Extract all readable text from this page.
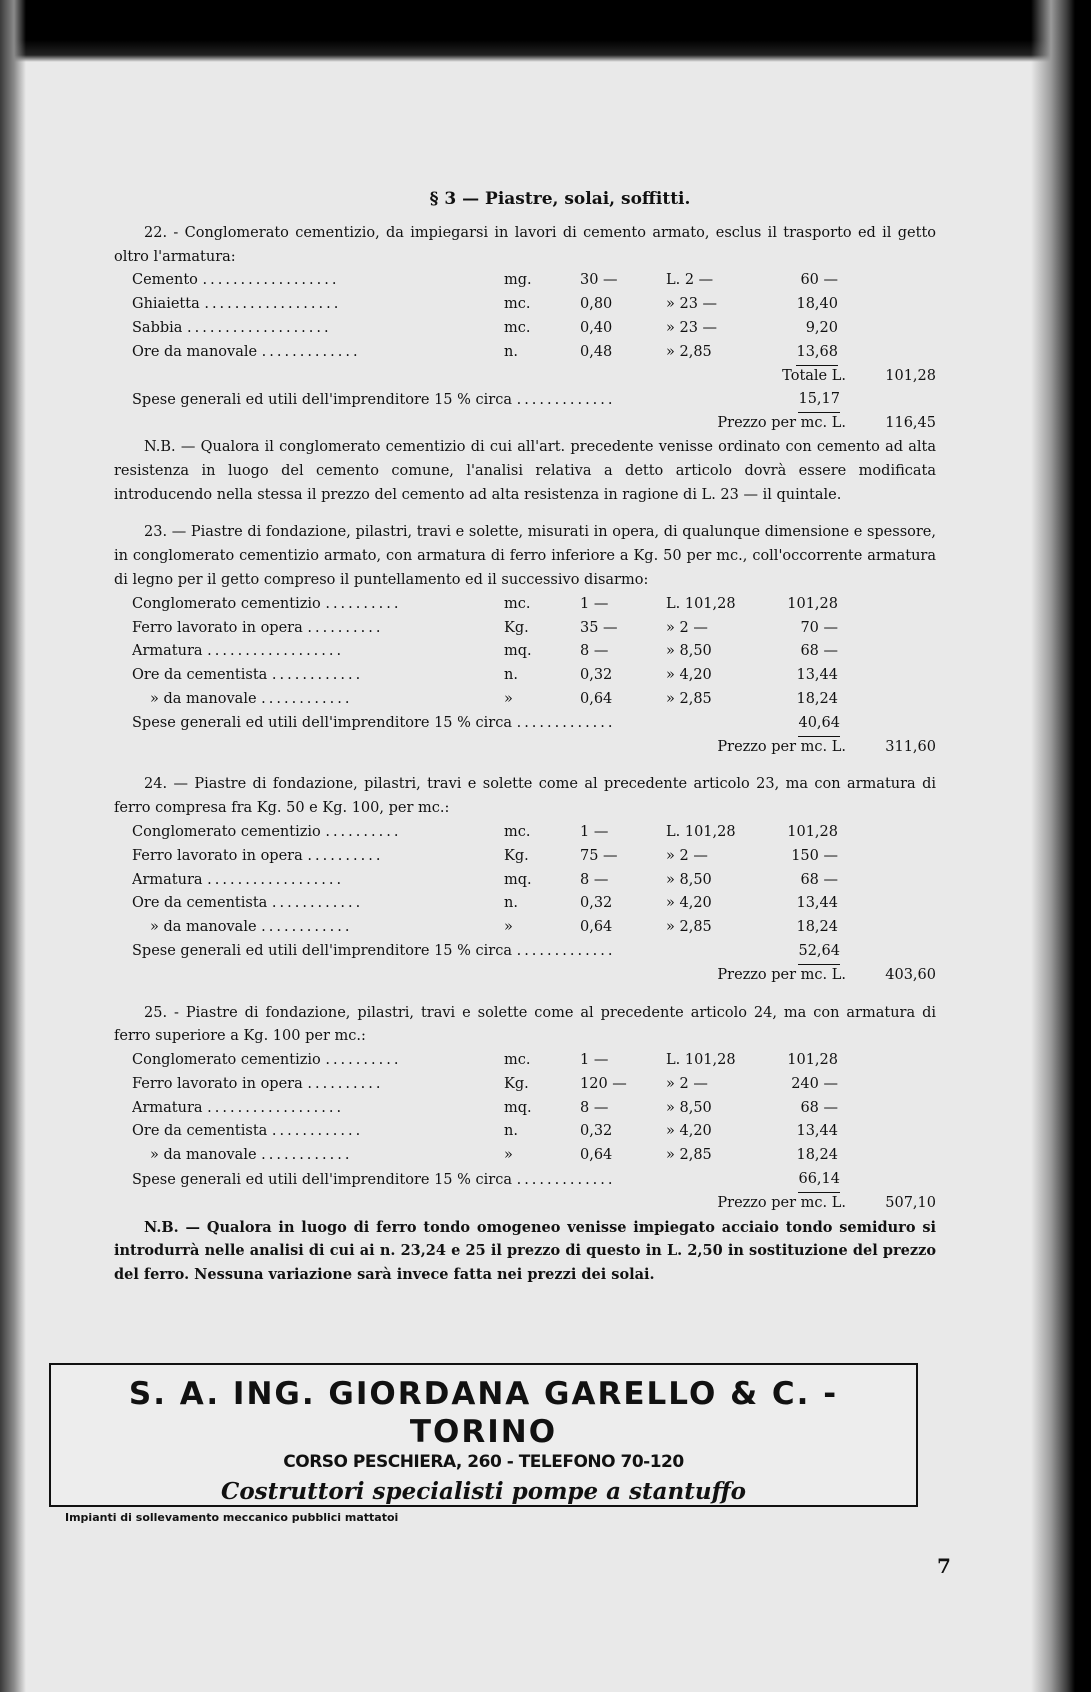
§ 3 — Piastre, solai, soffitti.

22. - Conglomerato cementizio, da impiegarsi in lavori di cemento armato, esclus il trasporto ed il getto oltro l'armatura:

Cemento ..................	mg.	30 —	L. 2 —	60 —
Ghiaietta ..................	mc.	0,80	» 23 —	18,40
Sabbia ...................	mc.	0,40	» 23 —	9,20
Ore da manovale .............	n.	0,48	» 2,85	13,68
Totale L.	101,28
Spese generali ed utili dell'imprenditore 15 % circa .............	15,17
Prezzo per mc. L.	116,45

N.B. — Qualora il conglomerato cementizio di cui all'art. precedente venisse ordinato con cemento ad alta resistenza in luogo del cemento comune, l'analisi relativa a detto articolo dovrà essere modificata introducendo nella stessa il prezzo del cemento ad alta resistenza in ragione di L. 23 — il quintale.

23. — Piastre di fondazione, pilastri, travi e solette, misurati in opera, di qualunque dimensione e spessore, in conglomerato cementizio armato, con armatura di ferro inferiore a Kg. 50 per mc., coll'occorrente armatura di legno per il getto compreso il puntellamento ed il successivo disarmo:

Conglomerato cementizio ..........	mc.	1 —	L. 101,28	101,28
Ferro lavorato in opera ..........	Kg.	35 —	» 2 —	70 —
Armatura ..................	mq.	8 —	» 8,50	68 —
Ore da cementista ............	n.	0,32	» 4,20	13,44
» da manovale ............	»	0,64	» 2,85	18,24
Spese generali ed utili dell'imprenditore 15 % circa .............	40,64
Prezzo per mc. L.	311,60

24. — Piastre di fondazione, pilastri, travi e solette come al precedente articolo 23, ma con armatura di ferro compresa fra Kg. 50 e Kg. 100, per mc.:

Conglomerato cementizio ..........	mc.	1 —	L. 101,28	101,28
Ferro lavorato in opera ..........	Kg.	75 —	» 2 —	150 —
Armatura ..................	mq.	8 —	» 8,50	68 —
Ore da cementista ............	n.	0,32	» 4,20	13,44
» da manovale ............	»	0,64	» 2,85	18,24
Spese generali ed utili dell'imprenditore 15 % circa .............	52,64
Prezzo per mc. L.	403,60

25. - Piastre di fondazione, pilastri, travi e solette come al precedente articolo 24, ma con armatura di ferro superiore a Kg. 100 per mc.:

Conglomerato cementizio ..........	mc.	1 —	L. 101,28	101,28
Ferro lavorato in opera ..........	Kg.	120 —	» 2 —	240 —
Armatura ..................	mq.	8 —	» 8,50	68 —
Ore da cementista ............	n.	0,32	» 4,20	13,44
» da manovale ............	»	0,64	» 2,85	18,24
Spese generali ed utili dell'imprenditore 15 % circa .............	66,14
Prezzo per mc. L.	507,10

N.B. — Qualora in luogo di ferro tondo omogeneo venisse impiegato acciaio tondo semiduro si introdurrà nelle analisi di cui ai n. 23,24 e 25 il prezzo di questo in L. 2,50 in sostituzione del prezzo del ferro. Nessuna variazione sarà invece fatta nei prezzi dei solai.

S. A. ING. GIORDANA GARELLO & C. - TORINO
CORSO PESCHIERA, 260 - TELEFONO 70-120
Costruttori specialisti pompe a stantuffo
Impianti di sollevamento meccanico pubblici mattatoi
7
